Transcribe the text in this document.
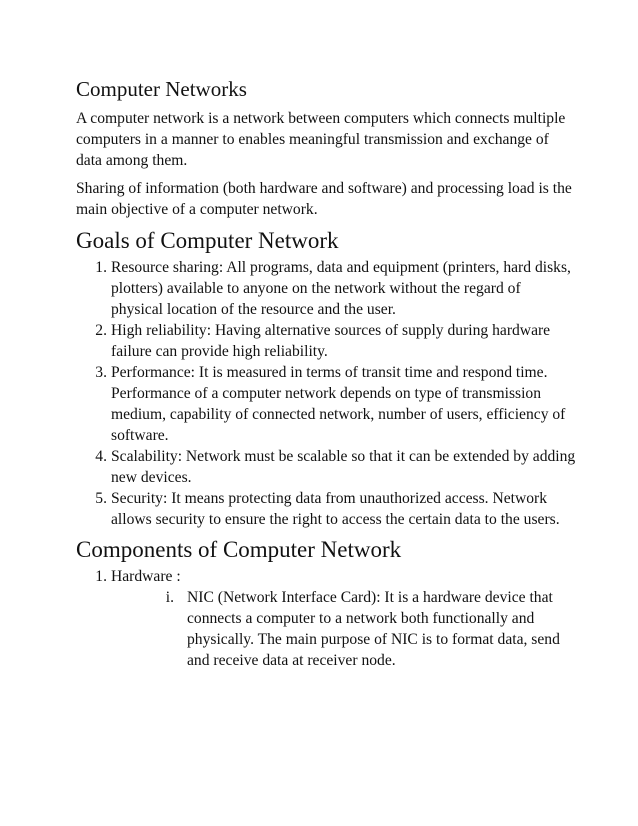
Computer Networks

A computer network is a network between computers which connects multiple computers in a manner to enables meaningful transmission and exchange of data among them.

Sharing of information (both hardware and software) and processing load is the main objective of a computer network.

Goals of Computer Network
1. Resource sharing: All programs, data and equipment (printers, hard disks, plotters) available to anyone on the network without the regard of physical location of the resource and the user.
2. High reliability: Having alternative sources of supply during hardware failure can provide high reliability.
3. Performance: It is measured in terms of transit time and respond time. Performance of a computer network depends on type of transmission medium, capability of connected network, number of users, efficiency of software.
4. Scalability: Network must be scalable so that it can be extended by adding new devices.
5. Security: It means protecting data from unauthorized access. Network allows security to ensure the right to access the certain data to the users.
Components of Computer Network
1. Hardware :
i. NIC (Network Interface Card): It is a hardware device that connects a computer to a network both functionally and physically. The main purpose of NIC is to format data, send and receive data at receiver node.
